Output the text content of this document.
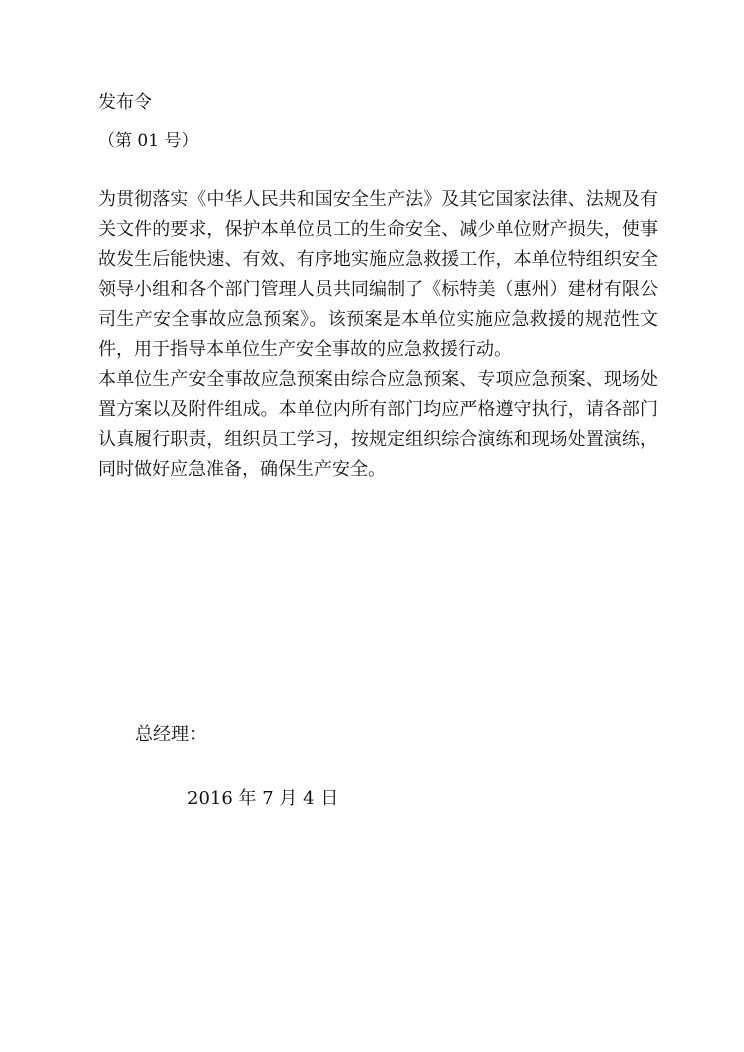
发布令
（第 01 号）

为贯彻落实《中华人民共和国安全生产法》及其它国家法律、法规及有关文件的要求，保护本单位员工的生命安全、减少单位财产损失，使事故发生后能快速、有效、有序地实施应急救援工作，本单位特组织安全领导小组和各个部门管理人员共同编制了《标特美（惠州）建材有限公司生产安全事故应急预案》。该预案是本单位实施应急救援的规范性文件，用于指导本单位生产安全事故的应急救援行动。

本单位生产安全事故应急预案由综合应急预案、专项应急预案、现场处置方案以及附件组成。本单位内所有部门均应严格遵守执行，请各部门认真履行职责，组织员工学习，按规定组织综合演练和现场处置演练，同时做好应急准备，确保生产安全。

总经理：
2016 年 7 月 4 日
